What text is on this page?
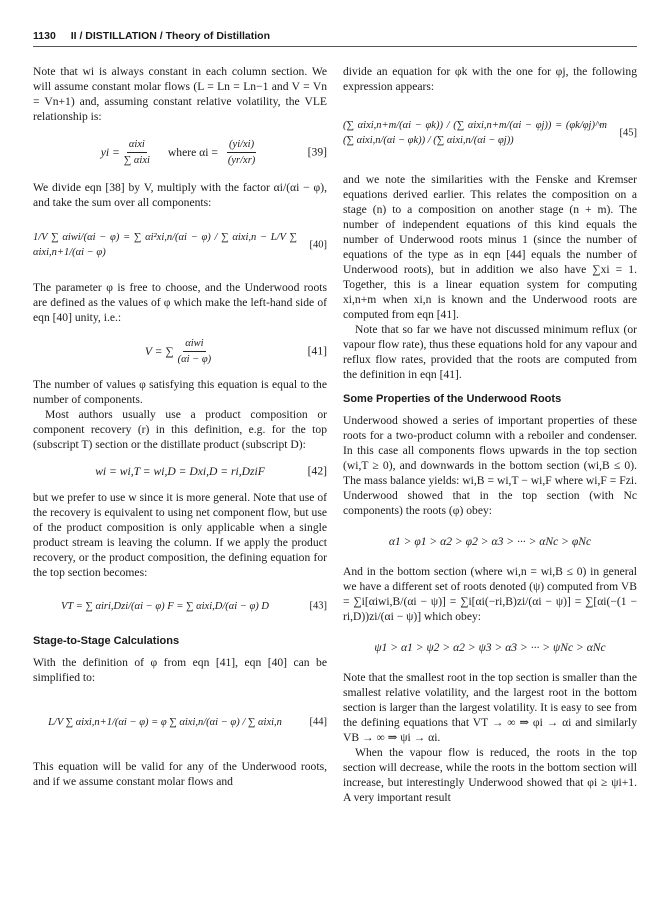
1130 II / DISTILLATION / Theory of Distillation

Note that wi is always constant in each column section. We will assume constant molar flows (L = Ln = Ln−1 and V = Vn = Vn+1) and, assuming constant relative volatility, the VLE relationship is:

yi = $\frac{\text{αixi}}{\text{∑ αixi}}$ where $\alpha i = \frac{(yi/xi)}{(yr/xr)}$	[39]

We divide eqn [38] by V, multiply with the factor αi/(αi − φ), and take the sum over all components:

1/V ∑ αiwi/(αi − φ) = ∑ αi²xi,n/(αi − φ) / ∑ αixi,n − L/V ∑ αixi,n+1/(αi − φ)
[40]

The parameter φ is free to choose, and the Underwood roots are defined as the values of φ which make the left-hand side of eqn [40] unity, i.e.:

V = ∑ $\frac{\text{αiwi}}{(\alpha i - \varphi)}$	[41]

The number of values φ satisfying this equation is equal to the number of components.

Most authors usually use a product composition or component recovery (r) in this definition, e.g. for the top (subscript T) section or the distillate product (subscript D):

wi = wi,T = wi,D = Dxi,D = ri,DziF	[42]

but we prefer to use w since it is more general. Note that use of the recovery is equivalent to using net component flow, but use of the product composition is only applicable when a single product stream is leaving the column. If we apply the product recovery, or the product composition, the defining equation for the top section becomes:

VT = ∑ αiri,Dzi/(αi − φ) F = ∑ αixi,D/(αi − φ) D	[43]
Stage-to-Stage Calculations

With the definition of φ from eqn [41], eqn [40] can be simplified to:

L/V ∑ αixi,n+1/(αi − φ) = φ ∑ αixi,n/(αi − φ) / ∑ αixi,n	[44]

This equation will be valid for any of the Underwood roots, and if we assume constant molar flows and

divide an equation for φk with the one for φj, the following expression appears:

(∑ αixi,n+m/(αi − φk)) / (∑ αixi,n+m/(αi − φj)) = (φk/φj)^m (∑ αixi,n/(αi − φk)) / (∑ αixi,n/(αi − φj))
[45]

and we note the similarities with the Fenske and Kremser equations derived earlier. This relates the composition on a stage (n) to a composition on another stage (n + m). The number of independent equations of this kind equals the number of Underwood roots minus 1 (since the number of equations of the type as in eqn [44] equals the number of Underwood roots), but in addition we also have ∑xi = 1. Together, this is a linear equation system for computing xi,n+m when xi,n is known and the Underwood roots are computed from eqn [41].

Note that so far we have not discussed minimum reflux (or vapour flow rate), thus these equations hold for any vapour and reflux flow rates, provided that the roots are computed from the definition in eqn [41].

Some Properties of the Underwood Roots

Underwood showed a series of important properties of these roots for a two-product column with a reboiler and condenser. In this case all components flows upwards in the top section (wi,T ≥ 0), and downwards in the bottom section (wi,B ≤ 0). The mass balance yields: wi,B = wi,T − wi,F where wi,F = Fzi. Underwood showed that in the top section (with Nc components) the roots (φ) obey:

α1 > φ1 > α2 > φ2 > α3 > ··· > αNc > φNc

And in the bottom section (where wi,n = wi,B ≤ 0) in general we have a different set of roots denoted (ψ) computed from VB = ∑i[αiwi,B/(αi − ψ)] = ∑i[αi(−ri,B)zi/(αi − ψ)] = ∑[αi(−(1 − ri,D))zi/(αi − ψ)] which obey:

ψ1 > α1 > ψ2 > α2 > ψ3 > α3 > ··· > ψNc > αNc

Note that the smallest root in the top section is smaller than the smallest relative volatility, and the largest root in the bottom section is larger than the largest volatility. It is easy to see from the defining equations that VT → ∞ ⇒ φi → αi and similarly VB → ∞ ⇒ ψi → αi.

When the vapour flow is reduced, the roots in the top section will decrease, while the roots in the bottom section will increase, but interestingly Underwood showed that φi ≥ ψi+1. A very important result
